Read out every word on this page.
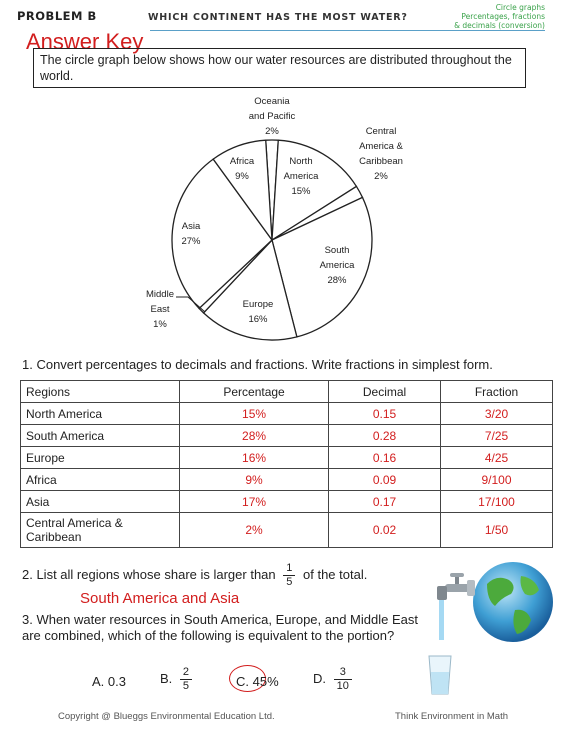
PROBLEM B	WHICH CONTINENT HAS THE MOST WATER?
Circle graphs
Percentages, fractions
& decimals (conversion)
Answer Key
The circle graph below shows how our water resources are distributed throughout the world.
Oceania and Pacific 2%
North America 15%
Central America & Caribbean 2%
South America 28%
Europe 16%
Middle East 1%
Asia 27%
Africa 9%
1. Convert percentages to decimals and fractions. Write fractions in simplest form.
Regions	Percentage	Decimal	Fraction
North America	15%	0.15	3/20
South America	28%	0.28	7/25
Europe	16%	0.16	4/25
Africa	9%	0.09	9/100
Asia	17%	0.17	17/100
Central America &
Caribbean	2%	0.02	1/50
2. List all regions whose share is larger than $\frac{1}{5}$ of the total.
South America and Asia
3. When water resources in South America, Europe, and Middle East are combined, which of the following is equivalent to the portion?
A. 0.3	B. $\frac{2}{5}$	C. 45%	D. $\frac{3}{10}$
Copyright @ Blueggs Environmental Education Ltd.	Think Environment in Math
